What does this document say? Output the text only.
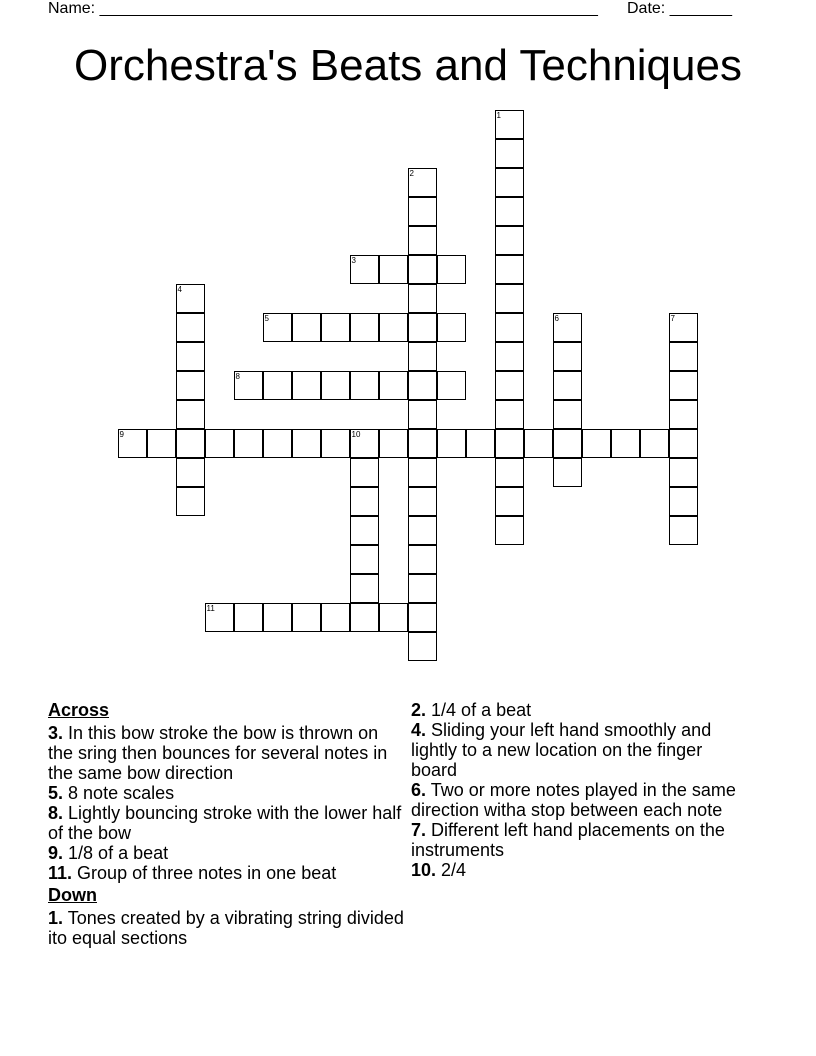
Name: ________________________________________________________ Date: _______
Orchestra's Beats and Techniques
1
2
3
4
5	6	7
8
9	10
11

Across

3. In this bow stroke the bow is thrown on the sring then bounces for several notes in the same bow direction

5. 8 note scales

8. Lightly bouncing stroke with the lower half of the bow

9. 1/8 of a beat

11. Group of three notes in one beat

Down

1. Tones created by a vibrating string divided ito equal sections

2. 1/4 of a beat

4. Sliding your left hand smoothly and lightly to a new location on the finger board

6. Two or more notes played in the same direction witha stop between each note

7. Different left hand placements on the instruments

10. 2/4
